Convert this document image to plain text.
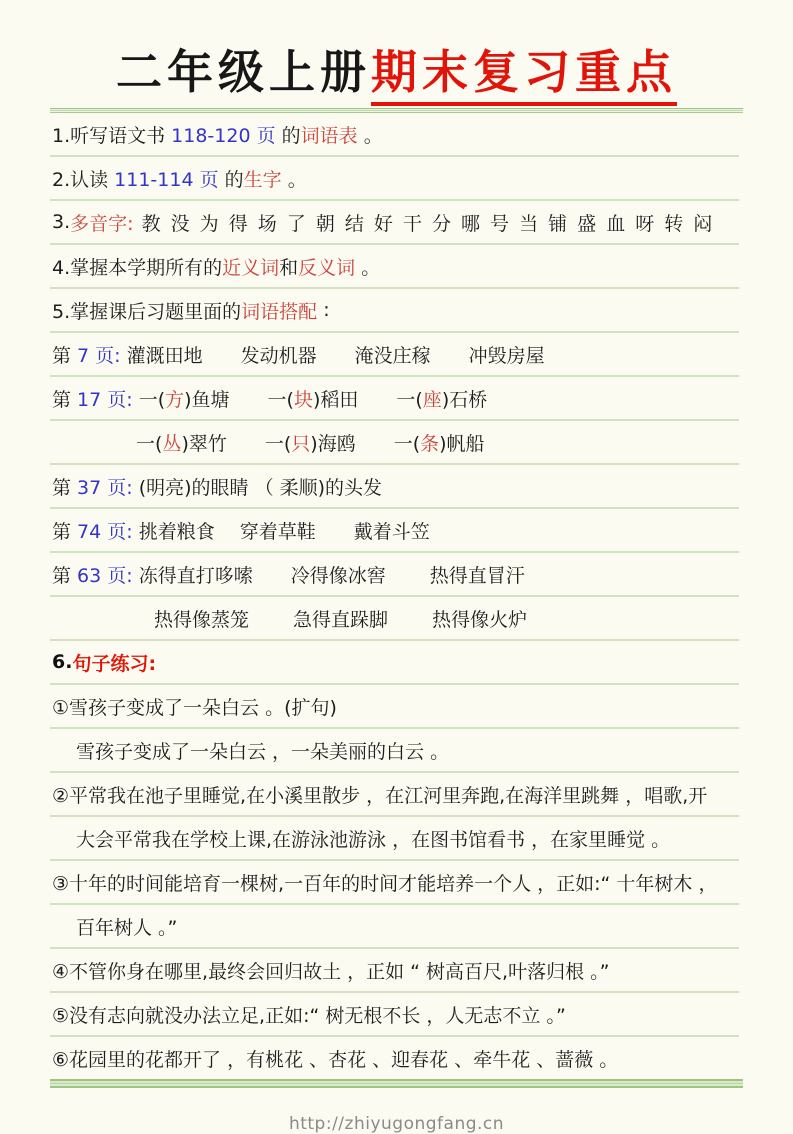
二年级上册期末复习重点
1.听写语文书 118-120 页 的 词语表 。
2.认读 111-114 页 的 生字 。
3. 多音字: 教 没 为 得 场 了 朝 结 好 干 分 哪 号 当 铺 盛 血 呀 转 闷
4.掌握本学期所有的 近义词 和 反义词 。
5.掌握课后习题里面的 词语搭配 :
第 7 页: 灌溉田地　　发动机器　　淹没庄稼　　冲毁房屋
第 17 页: 一( 方 )鱼塘　　一( 块 )稻田　　一( 座 )石桥
一( 丛 )翠竹　　一( 只 )海鸥　　一( 条 )帆船
第 37 页: (明亮)的眼睛 （ 柔顺)的头发
第 74 页: 挑着粮食　 穿着草鞋　　戴着斗笠
第 63 页: 冻得直打哆嗦　　冷得像冰窖　　 热得直冒汗
热得像蒸笼　　 急得直跺脚　　 热得像火炉
6. 句子练习:
①雪孩子变成了一朵白云 。(扩句)
雪孩子变成了一朵白云 ，一朵美丽的白云 。
②平常我在池子里睡觉,在小溪里散步 ，在江河里奔跑,在海洋里跳舞 ，唱歌,开
大会平常我在学校上课,在游泳池游泳 ，在图书馆看书 ，在家里睡觉 。
③十年的时间能培育一棵树,一百年的时间才能培养一个人 ，正如:“ 十年树木 ，
百年树人 。”
④不管你身在哪里,最终会回归故土 ，正如 “ 树高百尺,叶落归根 。”
⑤没有志向就没办法立足,正如:“ 树无根不长 ，人无志不立 。”
⑥花园里的花都开了 ，有桃花 、杏花 、迎春花 、牵牛花 、蔷薇 。
http://zhiyugongfang.cn
